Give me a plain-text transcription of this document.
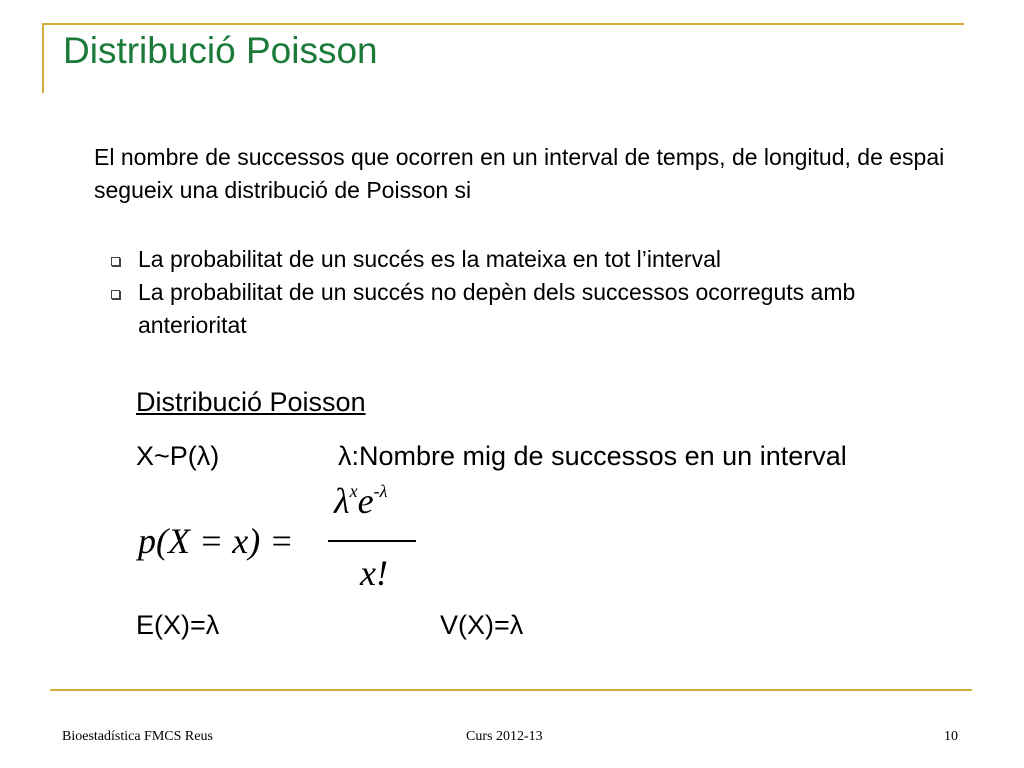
Distribució Poisson
El nombre de successos que ocorren en un interval de temps, de longitud, de espai segueix una distribució de Poisson si
La probabilitat de un succés es la mateixa en tot l’interval
La probabilitat de un succés no depèn dels successos ocorreguts amb anterioritat
Distribució Poisson
X~P(λ)	λ:Nombre mig de successos en un interval
p(X = x) =
$\lambda^xe^{-\lambda}$
x!
E(X)=λ	V(X)=λ
Bioestadística FMCS Reus	Curs 2012-13	10
